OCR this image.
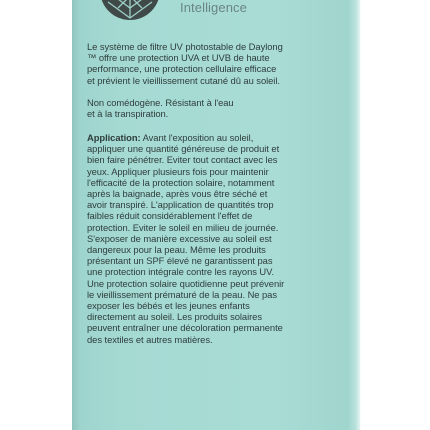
Intelligence
Le système de filtre UV photostable de Daylong
™ offre une protection UVA et UVB de haute
performance, une protection cellulaire efficace
et prévient le vieillissement cutané dû au soleil.
Non comédogène. Résistant à l'eau
et à la transpiration.
Application: Avant l'exposition au soleil,
appliquer une quantité généreuse de produit et
bien faire pénétrer. Eviter tout contact avec les
yeux. Appliquer plusieurs fois pour maintenir
l'efficacité de la protection solaire, notamment
après la baignade, après vous être séché et
avoir transpiré. L'application de quantités trop
faibles réduit considérablement l'effet de
protection. Eviter le soleil en milieu de journée.
S'exposer de manière excessive au soleil est
dangereux pour la peau. Même les produits
présentant un SPF élevé ne garantissent pas
une protection intégrale contre les rayons UV.
Une protection solaire quotidienne peut prévenir
le vieillissement prématuré de la peau. Ne pas
exposer les bébés et les jeunes enfants
directement au soleil. Les produits solaires
peuvent entraîner une décoloration permanente
des textiles et autres matières.
